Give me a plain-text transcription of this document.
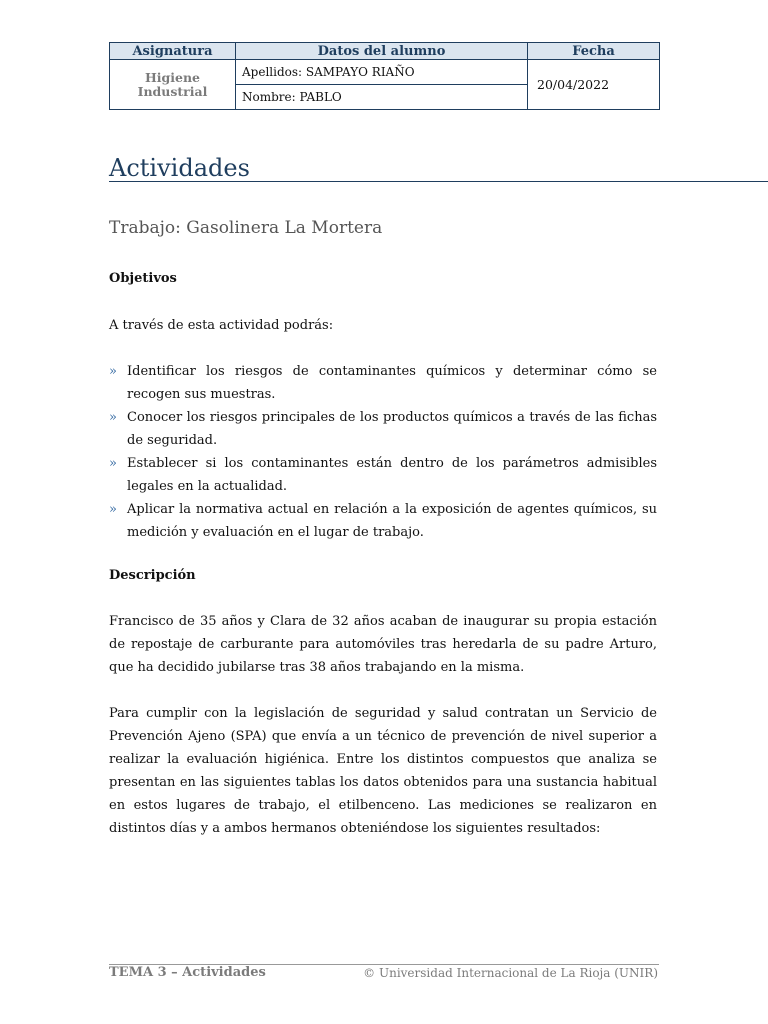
Asignatura	Datos del alumno	Fecha
Higiene Industrial	Apellidos: SAMPAYO RIAÑO	20/04/2022
	Nombre: PABLO	
Actividades
Trabajo: Gasolinera La Mortera
Objetivos
A través de esta actividad podrás:
» Identificar los riesgos de contaminantes químicos y determinar cómo se recogen sus muestras.
» Conocer los riesgos principales de los productos químicos a través de las fichas de seguridad.
» Establecer si los contaminantes están dentro de los parámetros admisibles legales en la actualidad.
» Aplicar la normativa actual en relación a la exposición de agentes químicos, su medición y evaluación en el lugar de trabajo.
Descripción
Francisco de 35 años y Clara de 32 años acaban de inaugurar su propia estación de repostaje de carburante para automóviles tras heredarla de su padre Arturo, que ha decidido jubilarse tras 38 años trabajando en la misma.
Para cumplir con la legislación de seguridad y salud contratan un Servicio de Prevención Ajeno (SPA) que envía a un técnico de prevención de nivel superior a realizar la evaluación higiénica. Entre los distintos compuestos que analiza se presentan en las siguientes tablas los datos obtenidos para una sustancia habitual en estos lugares de trabajo, el etilbenceno. Las mediciones se realizaron en distintos días y a ambos hermanos obteniéndose los siguientes resultados:
TEMA 3 – Actividades	© Universidad Internacional de La Rioja (UNIR)
